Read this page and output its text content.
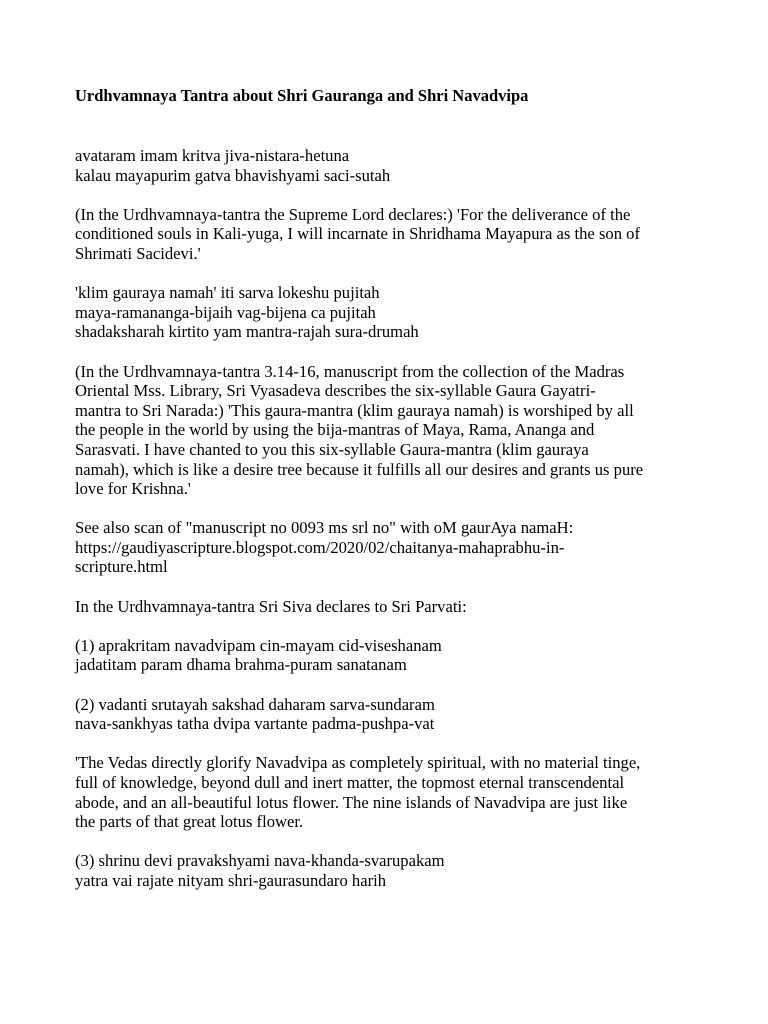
Urdhvamnaya Tantra about Shri Gauranga and Shri Navadvipa
avataram imam kritva jiva-nistara-hetuna
kalau mayapurim gatva bhavishyami saci-sutah
(In the Urdhvamnaya-tantra the Supreme Lord declares:) 'For the deliverance of the
conditioned souls in Kali-yuga, I will incarnate in Shridhama Mayapura as the son of
Shrimati Sacidevi.'
'klim gauraya namah' iti sarva lokeshu pujitah
maya-ramananga-bijaih vag-bijena ca pujitah
shadaksharah kirtito yam mantra-rajah sura-drumah
(In the Urdhvamnaya-tantra 3.14-16, manuscript from the collection of the Madras
Oriental Mss. Library, Sri Vyasadeva describes the six-syllable Gaura Gayatri-
mantra to Sri Narada:) 'This gaura-mantra (klim gauraya namah) is worshiped by all
the people in the world by using the bija-mantras of Maya, Rama, Ananga and
Sarasvati. I have chanted to you this six-syllable Gaura-mantra (klim gauraya
namah), which is like a desire tree because it fulfills all our desires and grants us pure
love for Krishna.'
See also scan of "manuscript no 0093 ms srl no" with oM gaurAya namaH:
https://gaudiyascripture.blogspot.com/2020/02/chaitanya-mahaprabhu-in-
scripture.html
In the Urdhvamnaya-tantra Sri Siva declares to Sri Parvati:
(1) aprakritam navadvipam cin-mayam cid-viseshanam
jadatitam param dhama brahma-puram sanatanam
(2) vadanti srutayah sakshad daharam sarva-sundaram
nava-sankhyas tatha dvipa vartante padma-pushpa-vat
'The Vedas directly glorify Navadvipa as completely spiritual, with no material tinge,
full of knowledge, beyond dull and inert matter, the topmost eternal transcendental
abode, and an all-beautiful lotus flower. The nine islands of Navadvipa are just like
the parts of that great lotus flower.
(3) shrinu devi pravakshyami nava-khanda-svarupakam
yatra vai rajate nityam shri-gaurasundaro harih
